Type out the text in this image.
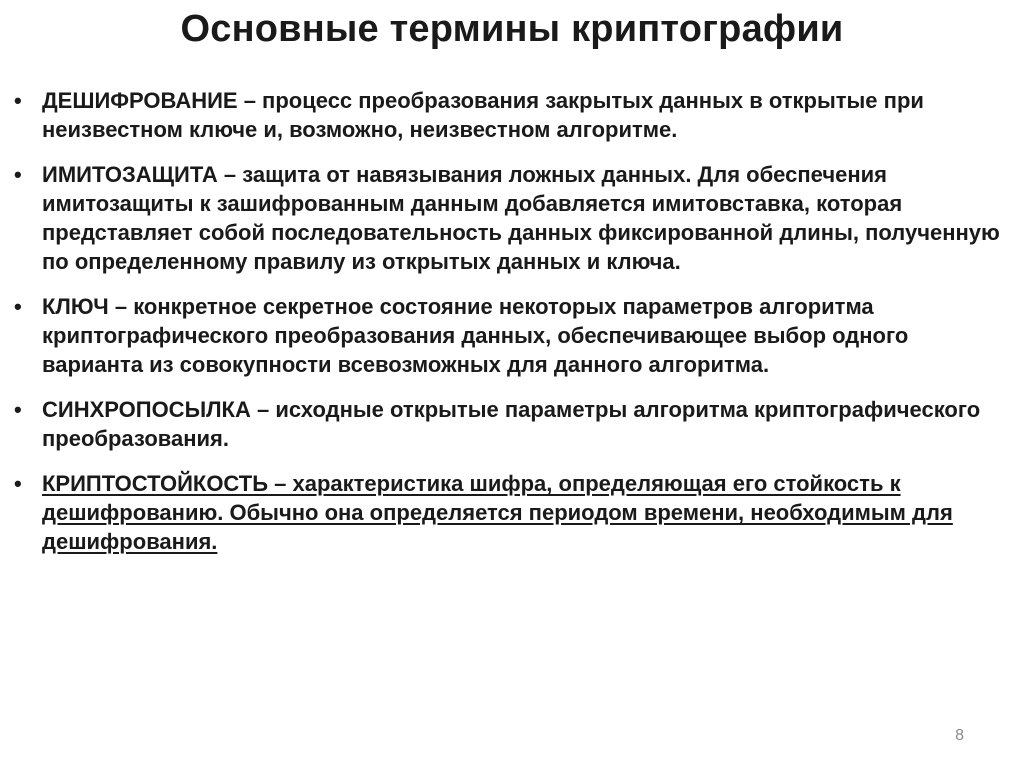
Основные термины криптографии
• ДЕШИФРОВАНИЕ – процесс преобразования закрытых данных в открытые при неизвестном ключе и, возможно, неизвестном алгоритме.
• ИМИТОЗАЩИТА – защита от навязывания ложных данных. Для обеспечения имитозащиты к зашифрованным данным добавляется имитовставка, которая представляет собой последовательность данных фиксированной длины, полученную по определенному правилу из открытых данных и ключа.
• КЛЮЧ – конкретное секретное состояние некоторых параметров алгоритма криптографического преобразования данных, обеспечивающее выбор одного варианта из совокупности всевозможных для данного алгоритма.
• СИНХРОПОСЫЛКА – исходные открытые параметры алгоритма криптографического преобразования.
• КРИПТОСТОЙКОСТЬ – характеристика шифра, определяющая его стойкость к дешифрованию. Обычно она определяется периодом времени, необходимым для дешифрования.
8
